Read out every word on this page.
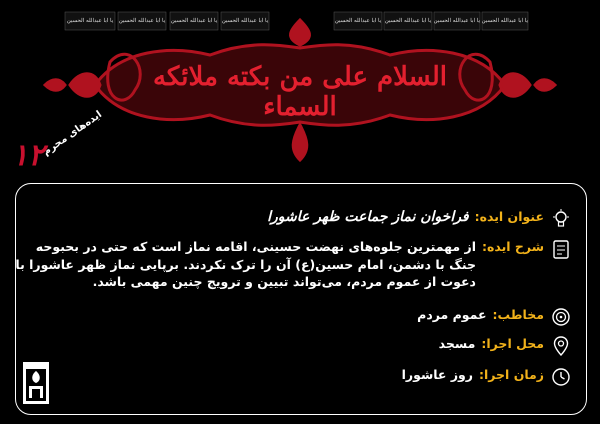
السلام علی من بکته ملائکه السماء
۱۲
ایده‌های محرم
عنوان ایده:
فراخوان نماز جماعت ظهر عاشورا
شرح ایده:
از مهمترین جلوه‌های نهضت حسینی، اقامه نماز است که حتی در بحبوحه جنگ با دشمن، امام حسین(ع) آن را ترک نکردند. برپایی نماز ظهر عاشورا با دعوت از عموم مردم، می‌تواند تبیین و ترویج چنین مهمی باشد.
مخاطب:
عموم مردم
محل اجرا:
مسجد
زمان اجرا:
روز عاشورا
یا ابا عبدالله الحسین	یا ابا عبدالله الحسین یا ابا عبدالله الحسین یا ابا عبدالله الحسین	یا ابا عبدالله الحسین یا ابا عبدالله الحسین یا ابا عبدالله الحسین یا ابا عبدالله الحسین
